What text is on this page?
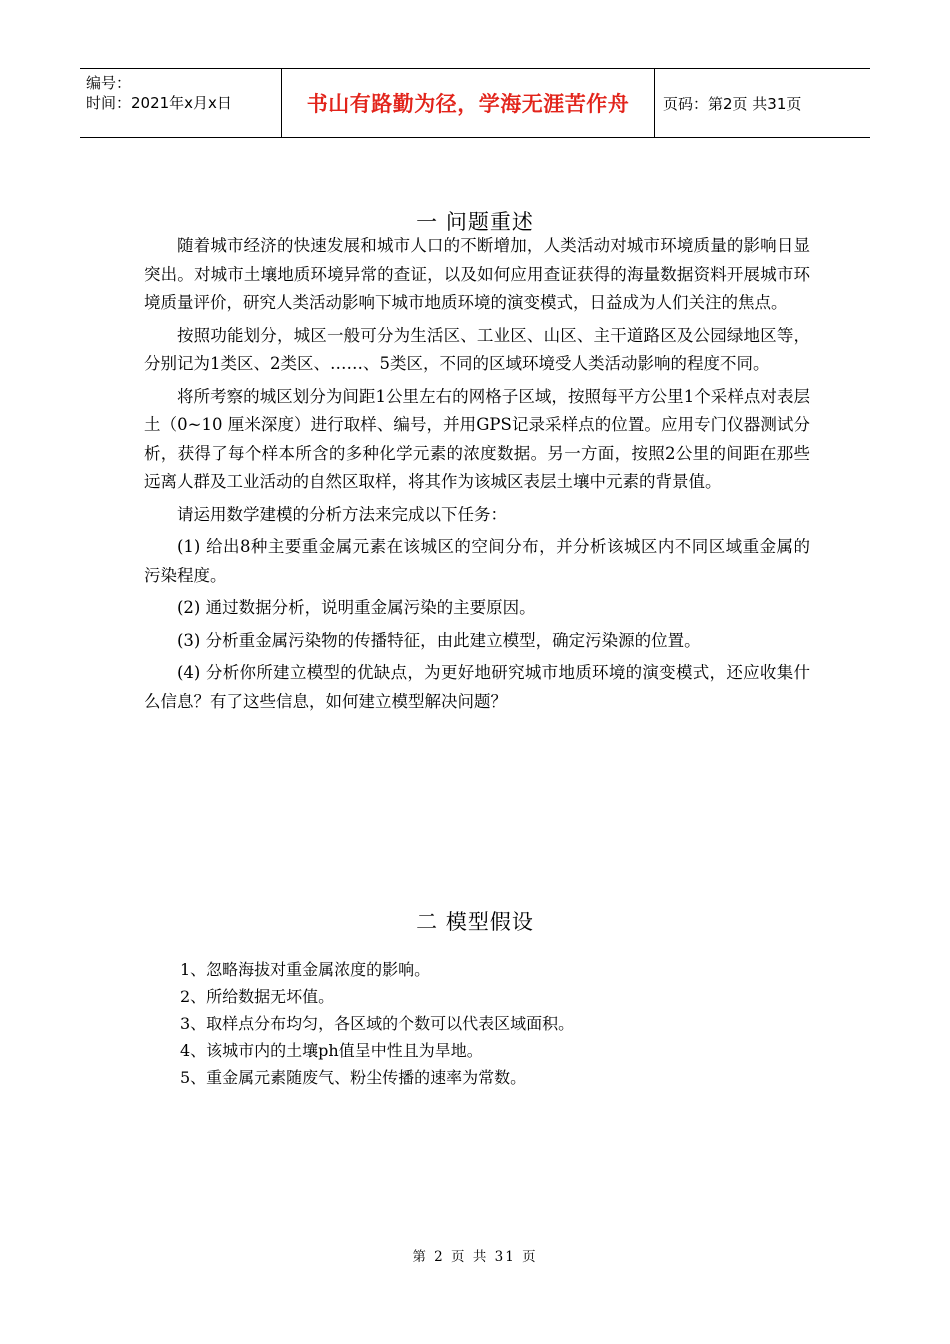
编号：
时间：2021年x月x日	书山有路勤为径，学海无涯苦作舟	页码：第2页 共31页
一 问题重述

随着城市经济的快速发展和城市人口的不断增加，人类活动对城市环境质量的影响日显突出。对城市土壤地质环境异常的查证，以及如何应用查证获得的海量数据资料开展城市环境质量评价，研究人类活动影响下城市地质环境的演变模式，日益成为人们关注的焦点。

按照功能划分，城区一般可分为生活区、工业区、山区、主干道路区及公园绿地区等，分别记为1类区、2类区、……、5类区，不同的区域环境受人类活动影响的程度不同。

将所考察的城区划分为间距1公里左右的网格子区域，按照每平方公里1个采样点对表层土（0~10 厘米深度）进行取样、编号，并用GPS记录采样点的位置。应用专门仪器测试分析，获得了每个样本所含的多种化学元素的浓度数据。另一方面，按照2公里的间距在那些远离人群及工业活动的自然区取样，将其作为该城区表层土壤中元素的背景值。

请运用数学建模的分析方法来完成以下任务：

(1) 给出8种主要重金属元素在该城区的空间分布，并分析该城区内不同区域重金属的污染程度。

(2) 通过数据分析，说明重金属污染的主要原因。

(3) 分析重金属污染物的传播特征，由此建立模型，确定污染源的位置。

(4) 分析你所建立模型的优缺点，为更好地研究城市地质环境的演变模式，还应收集什么信息？有了这些信息，如何建立模型解决问题？

二 模型假设
1、忽略海拔对重金属浓度的影响。
2、所给数据无坏值。
3、取样点分布均匀，各区域的个数可以代表区域面积。
4、该城市内的土壤ph值呈中性且为旱地。
5、重金属元素随废气、粉尘传播的速率为常数。
第 2 页 共 31 页
